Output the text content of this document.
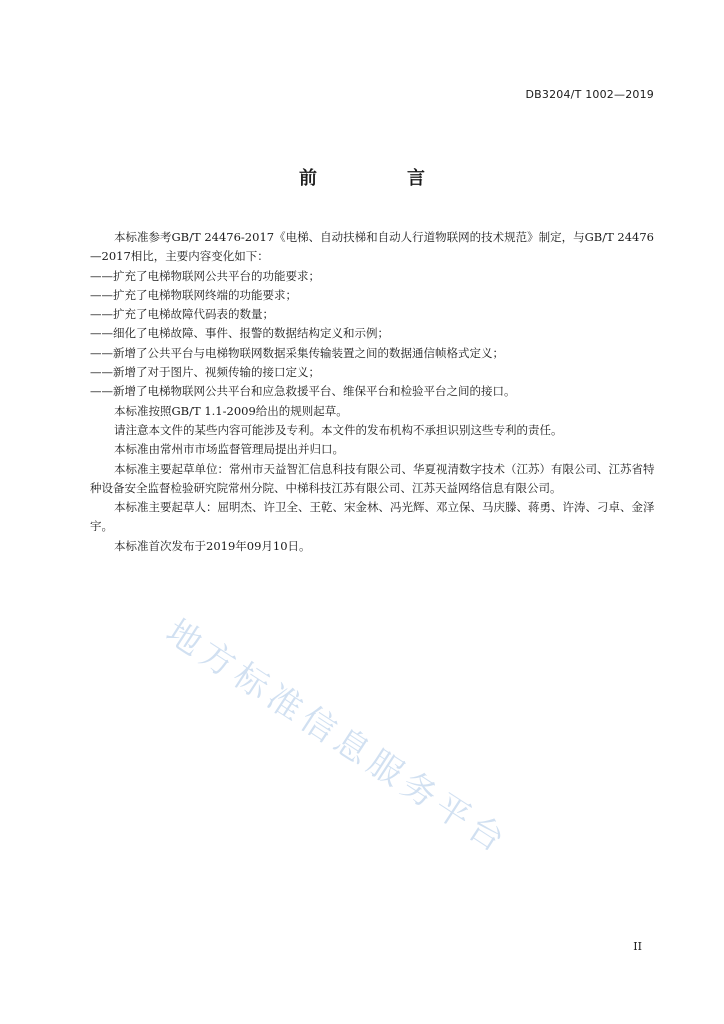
DB3204/T 1002—2019
前　言

本标准参考GB/T 24476-2017《电梯、自动扶梯和自动人行道物联网的技术规范》制定，与GB/T 24476—2017相比，主要内容变化如下：

——扩充了电梯物联网公共平台的功能要求；

——扩充了电梯物联网终端的功能要求；

——扩充了电梯故障代码表的数量；

——细化了电梯故障、事件、报警的数据结构定义和示例；

——新增了公共平台与电梯物联网数据采集传输装置之间的数据通信帧格式定义；

——新增了对于图片、视频传输的接口定义；

——新增了电梯物联网公共平台和应急救援平台、维保平台和检验平台之间的接口。

本标准按照GB/T 1.1-2009给出的规则起草。

请注意本文件的某些内容可能涉及专利。本文件的发布机构不承担识别这些专利的责任。

本标准由常州市市场监督管理局提出并归口。

本标准主要起草单位：常州市天益智汇信息科技有限公司、华夏视清数字技术（江苏）有限公司、江苏省特种设备安全监督检验研究院常州分院、中梯科技江苏有限公司、江苏天益网络信息有限公司。

本标准主要起草人：屈明杰、许卫全、王乾、宋金林、冯光辉、邓立保、马庆滕、蒋勇、许涛、刁卓、金泽宇。

本标准首次发布于2019年09月10日。

地方标准信息服务平台
II
